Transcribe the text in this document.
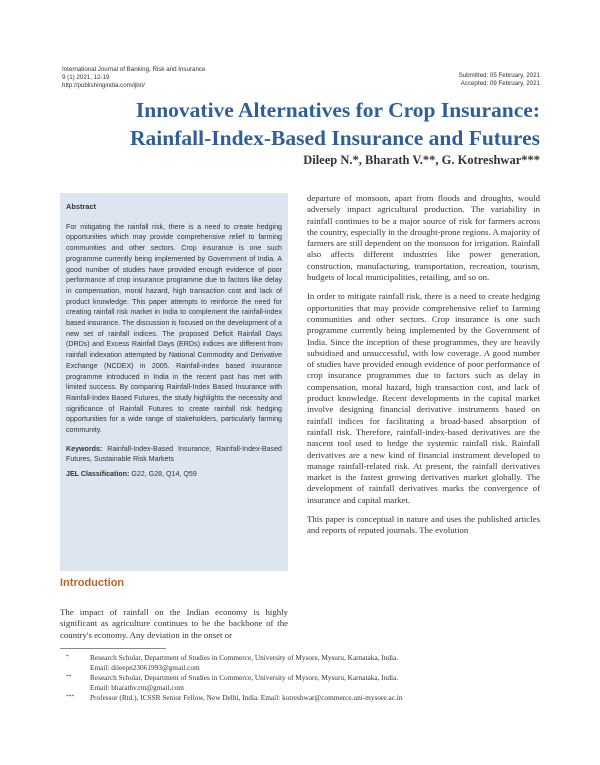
International Journal of Banking, Risk and Insurance
9 (1) 2021, 12-19
http://publishingindia.com/ijbri/
Submitted: 05 February, 2021
Accepted: 09 February, 2021
Innovative Alternatives for Crop Insurance:
Rainfall-Index-Based Insurance and Futures
Dileep N.*, Bharath V.**, G. Kotreshwar***
Abstract
For mitigating the rainfall risk, there is a need to create hedging opportunities which may provide comprehensive relief to farming communities and other sectors. Crop insurance is one such programme currently being implemented by Government of India. A good number of studies have provided enough evidence of poor performance of crop insurance programme due to factors like delay in compensation, moral hazard, high transaction cost and lack of product knowledge. This paper attempts to reinforce the need for creating rainfall risk market in India to complement the rainfall-index based insurance. The discussion is focused on the development of a new set of rainfall indices. The proposed Deficit Rainfall Days (DRDs) and Excess Rainfall Days (ERDs) indices are different from rainfall indexation attempted by National Commodity and Derivative Exchange (NCDEX) in 2005. Rainfall-index based insurance programme introduced in India in the recent past has met with limited success. By comparing Rainfall-Index Based Insurance with Rainfall-Index Based Futures, the study highlights the necessity and significance of Rainfall Futures to create rainfall risk hedging opportunities for a wide range of stakeholders, particularly farming community.
Keywords: Rainfall-Index-Based Insurance, Rainfall-Index-Based Futures, Sustainable Risk Markets
JEL Classification: G22, G28, Q14, Q59
Introduction

The impact of rainfall on the Indian economy is highly significant as agriculture continues to be the backbone of the country's economy. Any deviation in the onset or

departure of monsoon, apart from floods and droughts, would adversely impact agricultural production. The variability in rainfall continues to be a major source of risk for farmers across the country, especially in the drought-prone regions. A majority of farmers are still dependent on the monsoon for irrigation. Rainfall also affects different industries like power generation, construction, manufacturing, transportation, recreation, tourism, budgets of local municipalities, retailing, and so on.

In order to mitigate rainfall risk, there is a need to create hedging opportunities that may provide comprehensive relief to farming communities and other sectors. Crop insurance is one such programme currently being implemented by the Government of India. Since the inception of these programmes, they are heavily subsidised and unsuccessful, with low coverage. A good number of studies have provided enough evidence of poor performance of crop insurance programmes due to factors such as delay in compensation, moral hazard, high transaction cost, and lack of product knowledge. Recent developments in the capital market involve designing financial derivative instruments based on rainfall indices for facilitating a broad-based absorption of rainfall risk. Therefore, rainfall-index-based derivatives are the nascent tool used to hedge the systemic rainfall risk. Rainfall derivatives are a new kind of financial instrument developed to manage rainfall-related risk. At present, the rainfall derivatives market is the fastest growing derivatives market globally. The development of rainfall derivatives marks the convergence of insurance and capital market.

This paper is conceptual in nature and uses the published articles and reports of reputed journals. The evolution

*	Research Scholar, Department of Studies in Commerce, University of Mysore, Mysuru, Karnataka, India.
Email: dileepn23061993@gmail.com
**	Research Scholar, Department of Studies in Commerce, University of Mysore, Mysuru, Karnataka, India.
Email: bharathv.rm@gmail.com
***	Professor (Rtd.), ICSSR Senior Fellow, New Delhi, India. Email: kotreshwar@commerce.uni-mysore.ac.in
